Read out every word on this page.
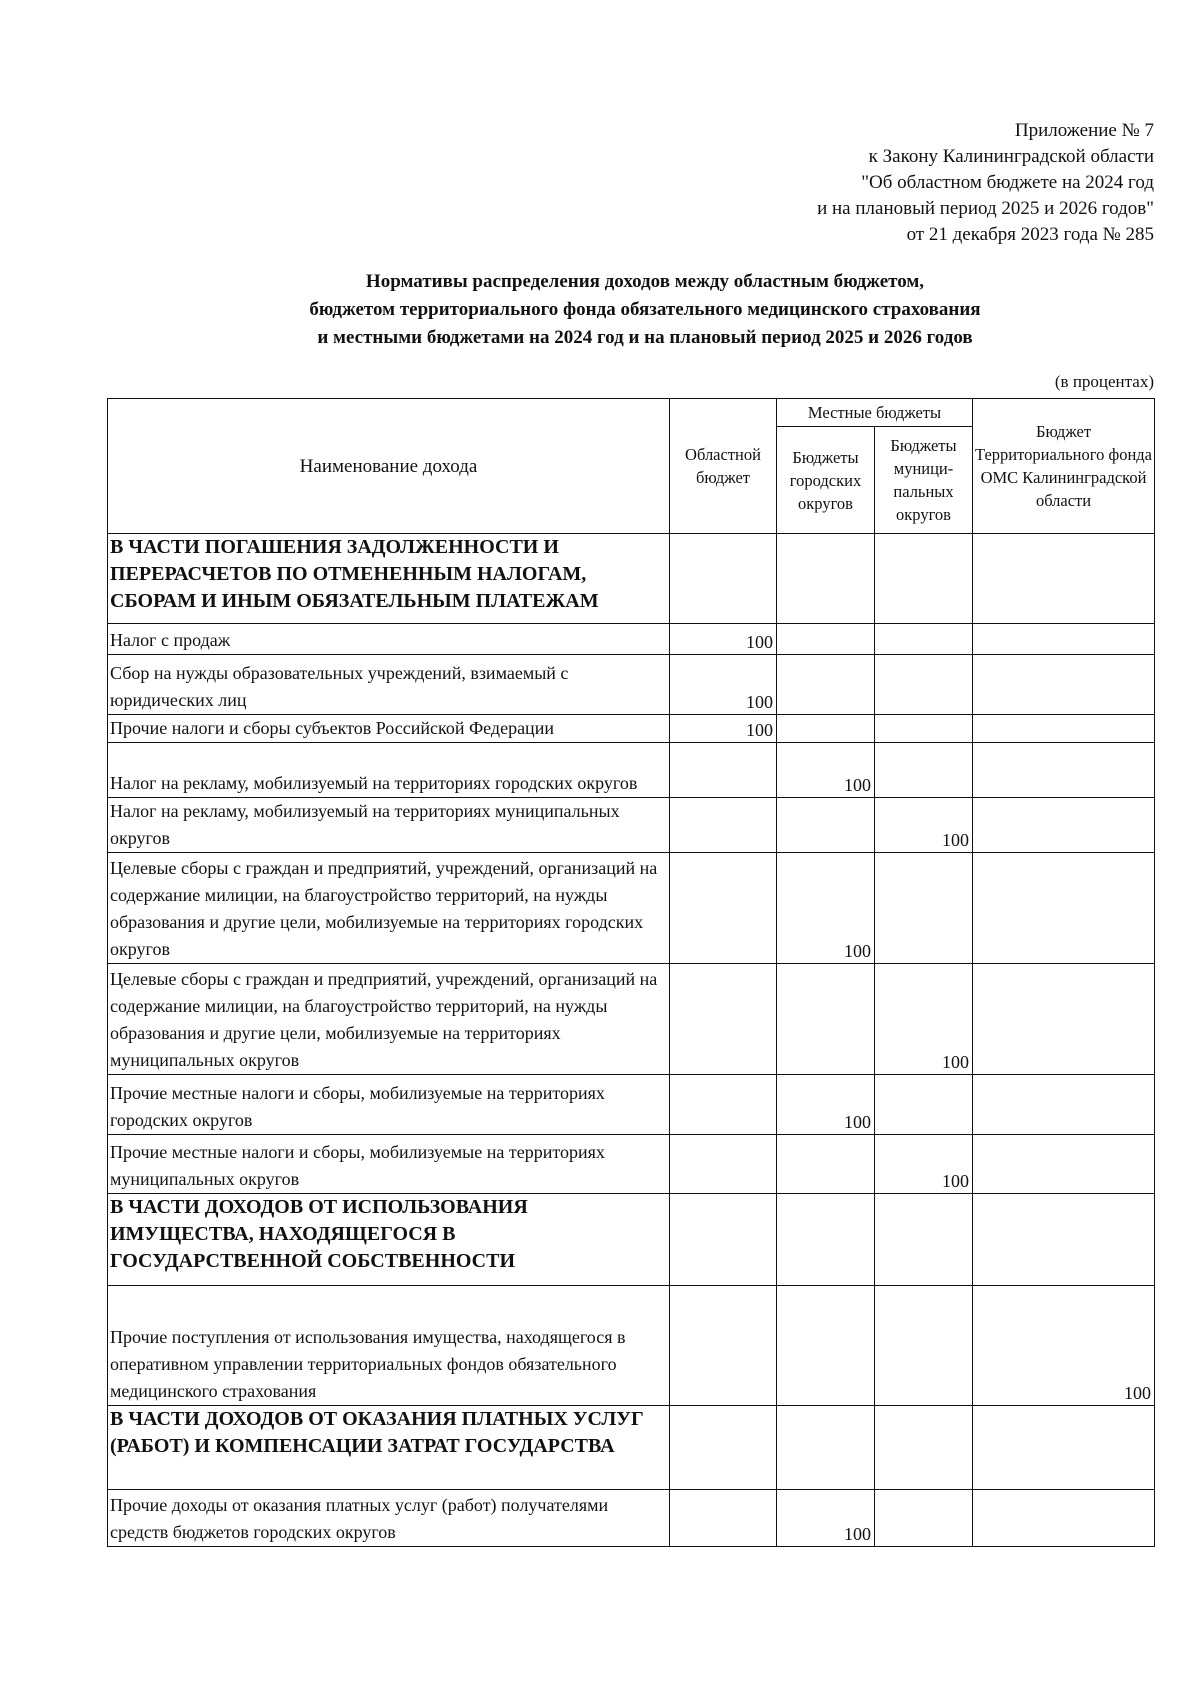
Приложение № 7
к Закону Калининградской области
"Об областном бюджете на 2024 год
и на плановый период 2025 и 2026 годов"
от 21 декабря 2023 года № 285
Нормативы распределения доходов между областным бюджетом,
бюджетом территориального фонда обязательного медицинского страхования
и местными бюджетами на 2024 год и на плановый период 2025 и 2026 годов
(в процентах)
Наименование дохода	Областной бюджет	Местные бюджеты		Бюджет Территориального фонда ОМС Калининградской области
		Бюджеты городских округов	Бюджеты муници-пальных округов	
В ЧАСТИ ПОГАШЕНИЯ ЗАДОЛЖЕННОСТИ И ПЕРЕРАСЧЕТОВ ПО ОТМЕНЕННЫМ НАЛОГАМ, СБОРАМ И ИНЫМ ОБЯЗАТЕЛЬНЫМ ПЛАТЕЖАМ				
Налог с продаж	100			
Сбор на нужды образовательных учреждений, взимаемый с юридических лиц	100			
Прочие налоги и сборы субъектов Российской Федерации	100			
Налог на рекламу, мобилизуемый на территориях городских округов		100		
Налог на рекламу, мобилизуемый на территориях муниципальных округов			100	
Целевые сборы с граждан и предприятий, учреждений, организаций на содержание милиции, на благоустройство территорий, на нужды образования и другие цели, мобилизуемые на территориях городских округов		100		
Целевые сборы с граждан и предприятий, учреждений, организаций на содержание милиции, на благоустройство территорий, на нужды образования и другие цели, мобилизуемые на территориях муниципальных округов			100	
Прочие местные налоги и сборы, мобилизуемые на территориях городских округов		100		
Прочие местные налоги и сборы, мобилизуемые на территориях муниципальных округов			100	
В ЧАСТИ ДОХОДОВ ОТ ИСПОЛЬЗОВАНИЯ ИМУЩЕСТВА, НАХОДЯЩЕГОСЯ В ГОСУДАРСТВЕННОЙ СОБСТВЕННОСТИ				
Прочие поступления от использования имущества, находящегося в оперативном управлении территориальных фондов обязательного медицинского страхования				100
В ЧАСТИ ДОХОДОВ ОТ ОКАЗАНИЯ ПЛАТНЫХ УСЛУГ (РАБОТ) И КОМПЕНСАЦИИ ЗАТРАТ ГОСУДАРСТВА				
Прочие доходы от оказания платных услуг (работ) получателями средств бюджетов городских округов		100		
